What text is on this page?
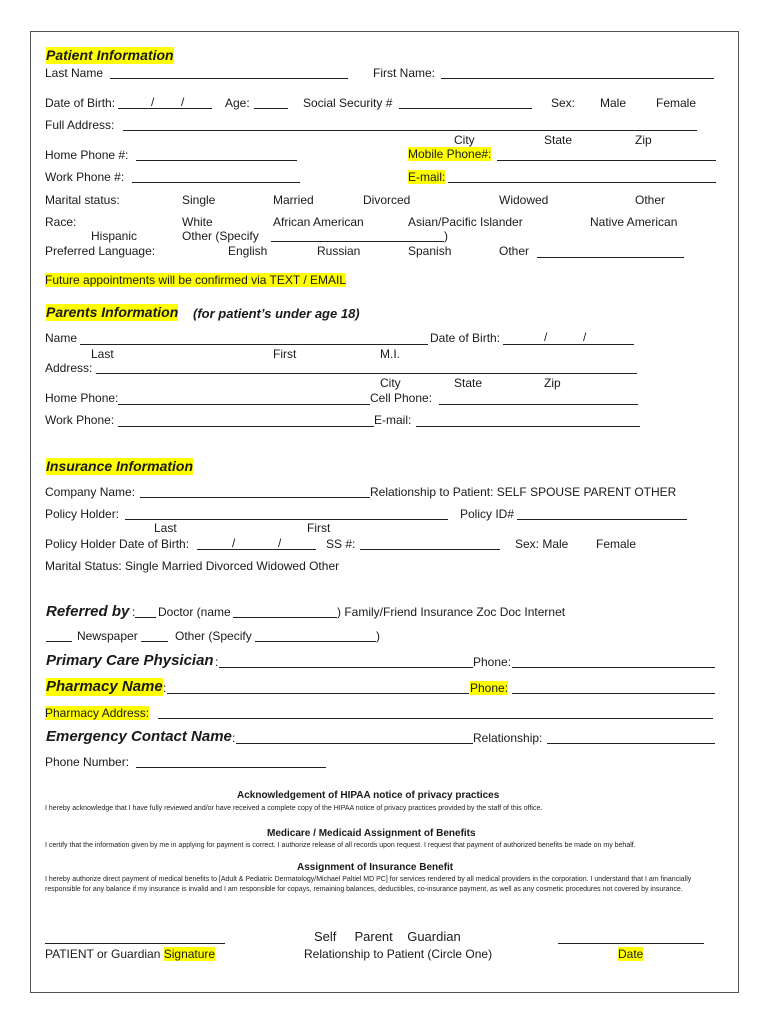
Patient Information
Last Name	First Name:
Date of Birth:	/ /	Age:	Social Security #	Sex: Male Female
Full Address:
City	State	Zip
Home Phone #:	Mobile Phone#:
Work Phone #:	E-mail:
Marital status:	Single	Married	Divorced	Widowed	Other
Race:	White	African American	Asian/Pacific Islander	Native American
Hispanic	Other (Specify	)
Preferred Language:	English	Russian	Spanish	Other
Future appointments will be confirmed via TEXT / EMAIL
Parents Information (for patient’s under age 18)
Name	Date of Birth:	/	/
Last	First	M.I.
Address:
City	State	Zip
Home Phone:	Cell Phone:
Work Phone:	E-mail:
Insurance Information
Company Name:	Relationship to Patient: SELF SPOUSE PARENT OTHER
Policy Holder:	Policy ID#
Last	First
Policy Holder Date of Birth:	/	/	SS #:	Sex: Male Female
Marital Status: Single Married Divorced Widowed Other
Referred by : Doctor (name	) Family/Friend Insurance Zoc Doc Internet
Newspaper	Other (Specify	)
Primary Care Physician :	Phone:
Pharmacy Name :	Phone:
Pharmacy Address:
Emergency Contact Name :	Relationship:
Phone Number:
Acknowledgement of HIPAA notice of privacy practices
I hereby acknowledge that I have fully reviewed and/or have received a complete copy of the HIPAA notice of privacy practices provided by the staff of this office.
Medicare / Medicaid Assignment of Benefits
I certify that the information given by me in applying for payment is correct. I authorize release of all records upon request. I request that payment of authorized benefits be made on my behalf.
Assignment of Insurance Benefit
I hereby authorize direct payment of medical benefits to [Adult & Pediatric Dermatology/Michael Paltiel MD PC] for services rendered by all medical providers in the corporation. I understand that I am financially responsible for any balance if my insurance is invalid and I am responsible for copays, remaining balances, deductibles, co-insurance payment, as well as any cosmetic procedures not covered by insurance.
PATIENT or Guardian Signature
Self     Parent    Guardian
Relationship to Patient (Circle One)	Date
